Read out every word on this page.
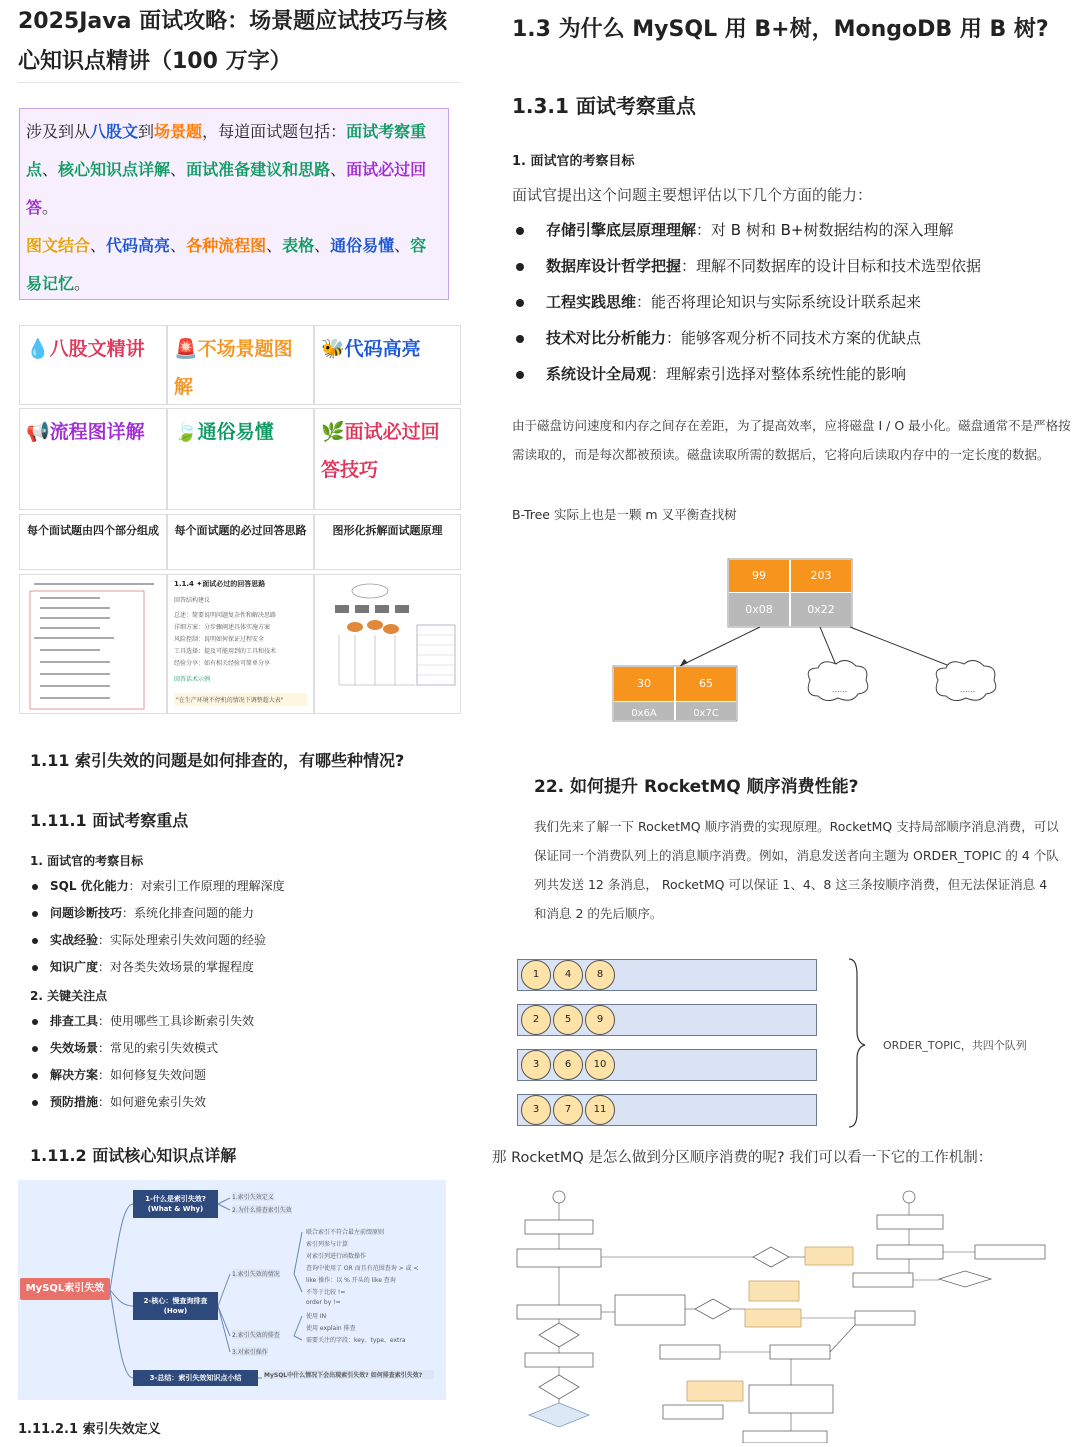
2025Java 面试攻略：场景题应试技巧与核
心知识点精讲（100 万字）
涉及到从八股文到场景题，每道面试题包括：面试考察重点、核心知识点详解、面试准备建议和思路、面试必过回答。
图文结合、代码高亮、各种流程图、表格、通俗易懂、容易记忆。
💧八股文精讲	🚨不场景题图解
🐝代码高亮
📢流程图详解	🍃通俗易懂	🌿面试必过回答技巧
每个面试题由四个部分组成	每个面试题的必过回答思路	图形化拆解面试题原理
1.1.4 ✦面试必过的回答思路
回答结构建议
总述：简要说明问题复杂性和解决思路
详细方案：分步骤阐述具体实施方案
风险控制：说明如何保证过程安全
工具选择：提及可能用到的工具和技术
经验分享：如有相关经验可简单分享
回答话术示例
"在生产环境不停机的情况下调整超大表"
1.11 索引失效的问题是如何排查的，有哪些种情况?
1.11.1 面试考察重点
1. 面试官的考察目标
SQL 优化能力：对索引工作原理的理解深度
问题诊断技巧：系统化排查问题的能力
实战经验：实际处理索引失效问题的经验
知识广度：对各类失效场景的掌握程度
2. 关键关注点
排查工具：使用哪些工具诊断索引失效
失效场景：常见的索引失效模式
解决方案：如何修复失效问题
预防措施：如何避免索引失效
1.11.2 面试核心知识点详解
MySQL索引失效
1-什么是索引失效?
(What & Why)
1.索引失效定义
2.为什么排查索引失效
2-核心：慢查询排查
(How)
1.索引失效的情况
2.索引失效的排查
3.对索引操作
联合索引不符合最左前缀原则
索引列参与计算
对索引列进行函数操作
查询中使用了 OR 而且有范围查询 > 或 <
like 操作：以 % 开头的 like 查询
不等于比较 !=
order by !=
使用 IN
使用 explain 排查
需要关注的字段：key、type、extra
3-总结：索引失效知识点小结	MySQL中什么情况下会出现索引失效? 如何排查索引失效?
1.11.2.1 索引失效定义
1.3 为什么 MySQL 用 B+树，MongoDB 用 B 树?
1.3.1 面试考察重点
1. 面试官的考察目标
面试官提出这个问题主要想评估以下几个方面的能力：
存储引擎底层原理理解：对 B 树和 B+树数据结构的深入理解
数据库设计哲学把握：理解不同数据库的设计目标和技术选型依据
工程实践思维：能否将理论知识与实际系统设计联系起来
技术对比分析能力：能够客观分析不同技术方案的优缺点
系统设计全局观：理解索引选择对整体系统性能的影响
由于磁盘访问速度和内存之间存在差距，为了提高效率，应将磁盘 I / O 最小化。磁盘通常不是严格按需读取的，而是每次都被预读。磁盘读取所需的数据后，它将向后读取内存中的一定长度的数据。
B-Tree 实际上也是一颗 m 叉平衡查找树
99	203
0x08	0x22
30	65
0x6A	0x7C
......	......
22. 如何提升 RocketMQ 顺序消费性能?
我们先来了解一下 RocketMQ 顺序消费的实现原理。RocketMQ 支持局部顺序消息消费，可以保证同一个消费队列上的消息顺序消费。例如，消息发送者向主题为 ORDER_TOPIC 的 4 个队列共发送 12 条消息， RocketMQ 可以保证 1、4、8 这三条按顺序消费，但无法保证消息 4 和消息 2 的先后顺序。
1	4	8
2	5	9
3	6	10
3	7	11
ORDER_TOPIC，共四个队列
那 RocketMQ 是怎么做到分区顺序消费的呢? 我们可以看一下它的工作机制：
